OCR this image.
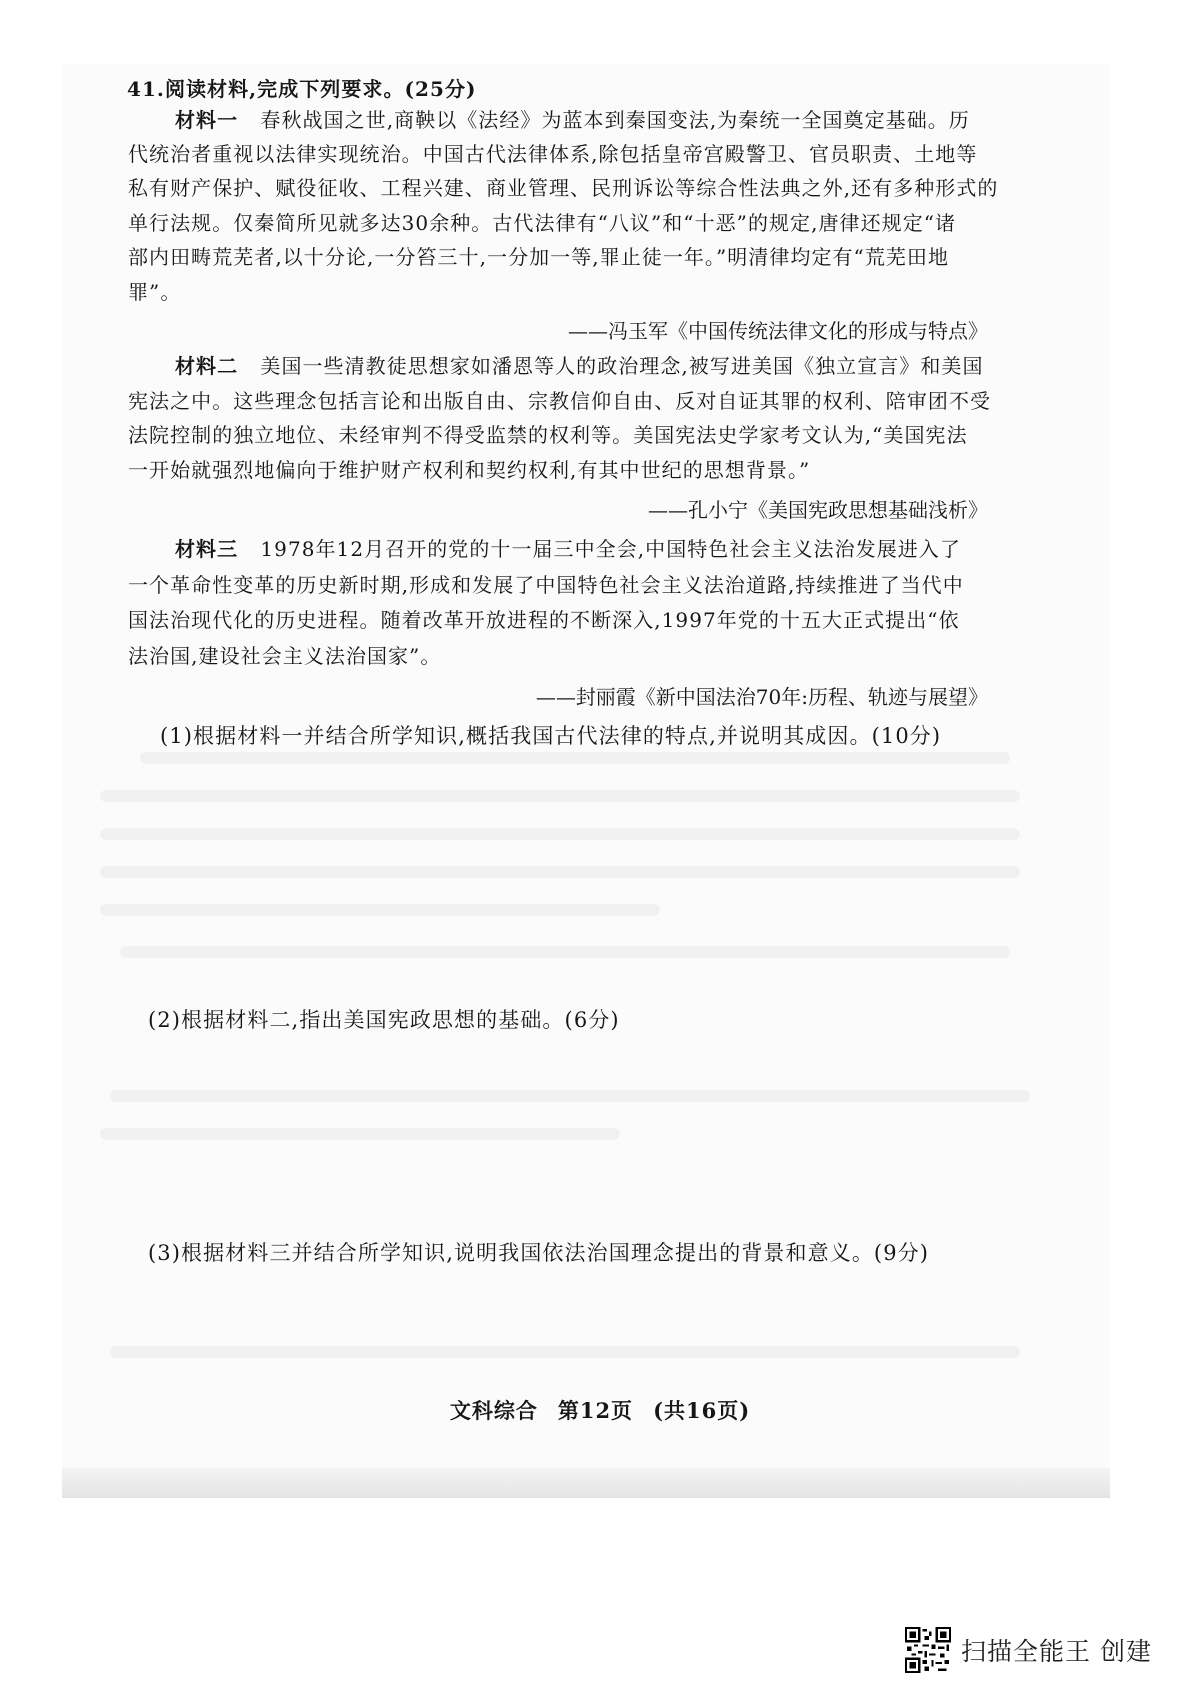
41.阅读材料,完成下列要求。(25分)
材料一 春秋战国之世,商鞅以《法经》为蓝本到秦国变法,为秦统一全国奠定基础。历
代统治者重视以法律实现统治。中国古代法律体系,除包括皇帝宫殿警卫、官员职责、土地等
私有财产保护、赋役征收、工程兴建、商业管理、民刑诉讼等综合性法典之外,还有多种形式的
单行法规。仅秦简所见就多达30余种。古代法律有“八议”和“十恶”的规定,唐律还规定“诸
部内田畴荒芜者,以十分论,一分笞三十,一分加一等,罪止徒一年。”明清律均定有“荒芜田地
罪”。
——冯玉军《中国传统法律文化的形成与特点》
材料二 美国一些清教徒思想家如潘恩等人的政治理念,被写进美国《独立宣言》和美国
宪法之中。这些理念包括言论和出版自由、宗教信仰自由、反对自证其罪的权利、陪审团不受
法院控制的独立地位、未经审判不得受监禁的权利等。美国宪法史学家考文认为,“美国宪法
一开始就强烈地偏向于维护财产权利和契约权利,有其中世纪的思想背景。”
——孔小宁《美国宪政思想基础浅析》
材料三 1978年12月召开的党的十一届三中全会,中国特色社会主义法治发展进入了
一个革命性变革的历史新时期,形成和发展了中国特色社会主义法治道路,持续推进了当代中
国法治现代化的历史进程。随着改革开放进程的不断深入,1997年党的十五大正式提出“依
法治国,建设社会主义法治国家”。
——封丽霞《新中国法治70年:历程、轨迹与展望》
(1)根据材料一并结合所学知识,概括我国古代法律的特点,并说明其成因。(10分)
(2)根据材料二,指出美国宪政思想的基础。(6分)
(3)根据材料三并结合所学知识,说明我国依法治国理念提出的背景和意义。(9分)
文科综合 第12页 (共16页)
扫描全能王 创建
